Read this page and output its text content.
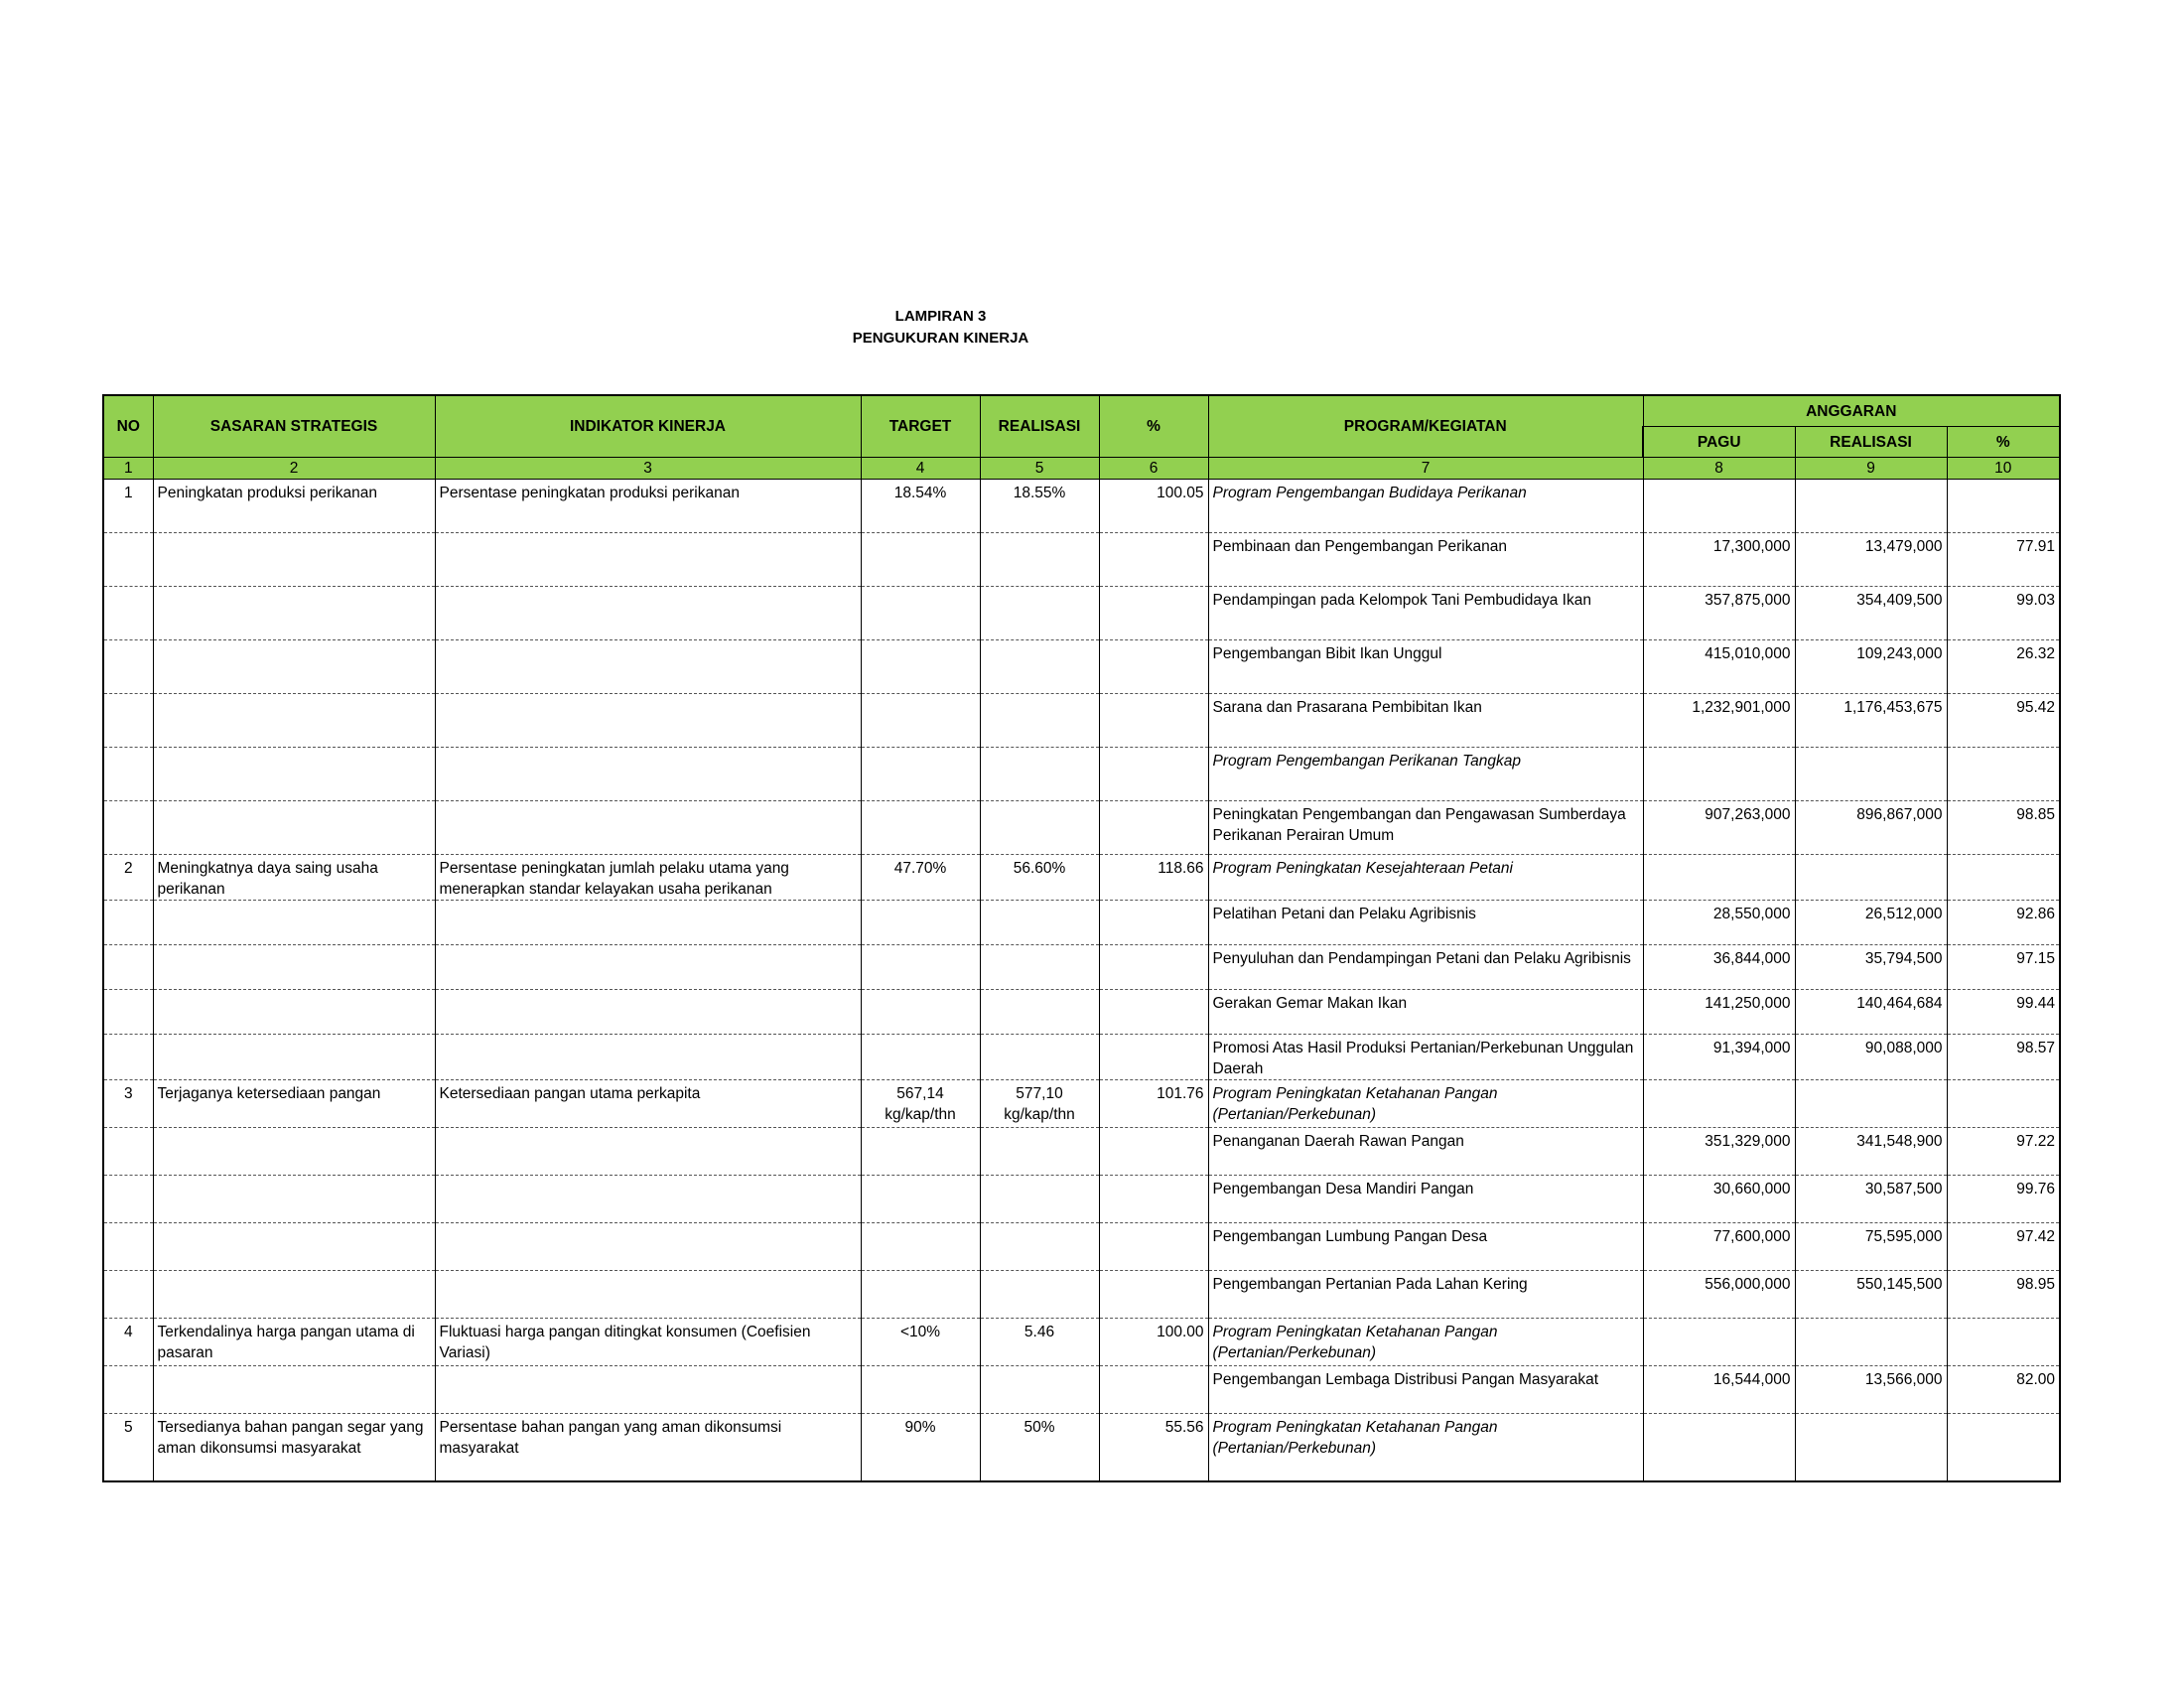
LAMPIRAN 3
PENGUKURAN KINERJA
NO	SASARAN STRATEGIS	INDIKATOR KINERJA	TARGET	REALISASI	%	PROGRAM/KEGIATAN	ANGGARAN		
							PAGU	REALISASI	%
1	2	3	4	5	6	7	8	9	10
1	Peningkatan produksi perikanan	Persentase peningkatan produksi perikanan	18.54%	18.55%	100.05	Program Pengembangan Budidaya Perikanan			
						Pembinaan dan Pengembangan Perikanan	17,300,000	13,479,000	77.91
						Pendampingan pada Kelompok Tani Pembudidaya Ikan	357,875,000	354,409,500	99.03
						Pengembangan Bibit Ikan Unggul	415,010,000	109,243,000	26.32
						Sarana dan Prasarana Pembibitan Ikan	1,232,901,000	1,176,453,675	95.42
						Program Pengembangan Perikanan Tangkap			
						Peningkatan Pengembangan dan Pengawasan Sumberdaya Perikanan Perairan Umum	907,263,000	896,867,000	98.85
2	Meningkatnya daya saing usaha perikanan	Persentase peningkatan jumlah pelaku utama yang menerapkan standar kelayakan usaha perikanan	47.70%	56.60%	118.66	Program Peningkatan Kesejahteraan Petani			
						Pelatihan Petani dan Pelaku Agribisnis	28,550,000	26,512,000	92.86
						Penyuluhan dan Pendampingan Petani dan Pelaku Agribisnis	36,844,000	35,794,500	97.15
						Gerakan Gemar Makan Ikan	141,250,000	140,464,684	99.44
						Promosi Atas Hasil Produksi Pertanian/Perkebunan Unggulan Daerah	91,394,000	90,088,000	98.57
3	Terjaganya ketersediaan pangan	Ketersediaan pangan utama perkapita	567,14 kg/kap/thn	577,10 kg/kap/thn	101.76	Program Peningkatan Ketahanan Pangan (Pertanian/Perkebunan)			
						Penanganan Daerah Rawan Pangan	351,329,000	341,548,900	97.22
						Pengembangan Desa Mandiri Pangan	30,660,000	30,587,500	99.76
						Pengembangan Lumbung Pangan Desa	77,600,000	75,595,000	97.42
						Pengembangan Pertanian Pada Lahan Kering	556,000,000	550,145,500	98.95
4	Terkendalinya harga pangan utama di pasaran	Fluktuasi harga pangan ditingkat konsumen (Coefisien Variasi)	<10%	5.46	100.00	Program Peningkatan Ketahanan Pangan (Pertanian/Perkebunan)			
						Pengembangan Lembaga Distribusi Pangan Masyarakat	16,544,000	13,566,000	82.00
5	Tersedianya bahan pangan segar yang aman dikonsumsi masyarakat	Persentase bahan pangan yang aman dikonsumsi masyarakat	90%	50%	55.56	Program Peningkatan Ketahanan Pangan (Pertanian/Perkebunan)			
